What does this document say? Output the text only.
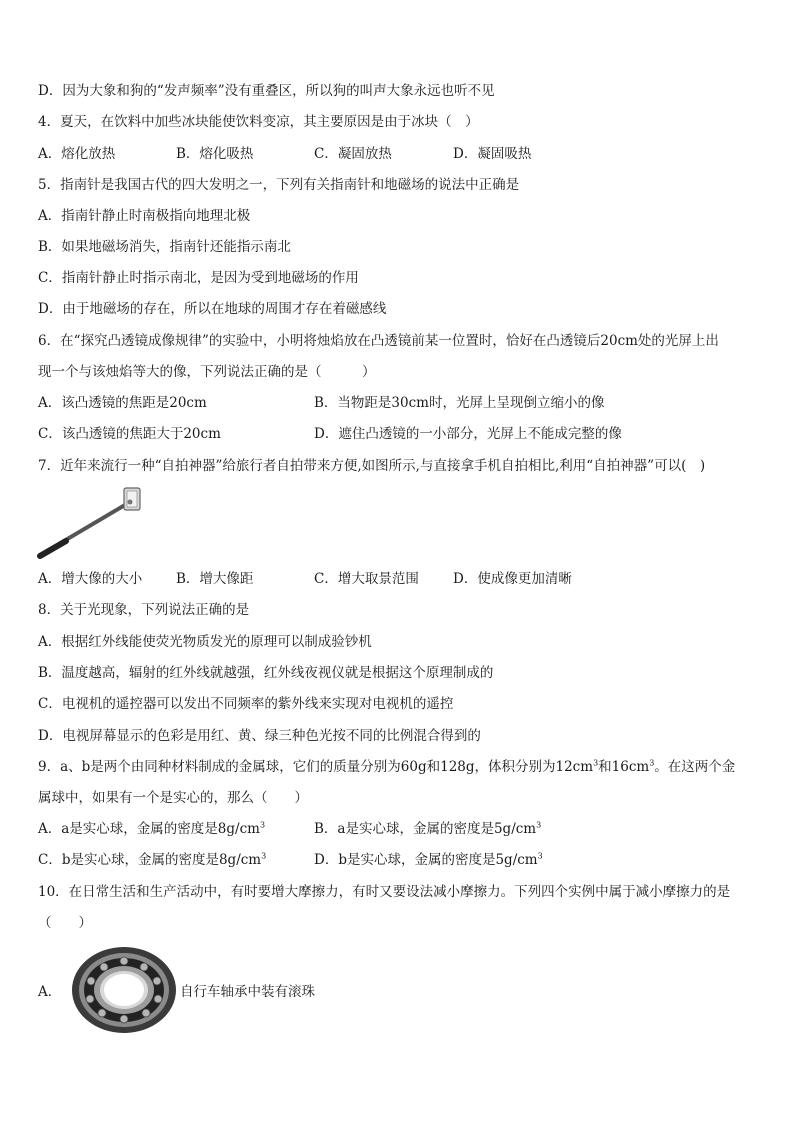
D．因为大象和狗的“发声频率”没有重叠区，所以狗的叫声大象永远也听不见
4．夏天，在饮料中加些冰块能使饮料变凉，其主要原因是由于冰块（　）
A．熔化放热	B．熔化吸热	C．凝固放热	D．凝固吸热
5．指南针是我国古代的四大发明之一，下列有关指南针和地磁场的说法中正确是
A．指南针静止时南极指向地理北极
B．如果地磁场消失，指南针还能指示南北
C．指南针静止时指示南北，是因为受到地磁场的作用
D．由于地磁场的存在，所以在地球的周围才存在着磁感线
6．在“探究凸透镜成像规律”的实验中，小明将烛焰放在凸透镜前某一位置时，恰好在凸透镜后20cm处的光屏上出
现一个与该烛焰等大的像，下列说法正确的是（　　　）
A．该凸透镜的焦距是20cm	B．当物距是30cm时，光屏上呈现倒立缩小的像
C．该凸透镜的焦距大于20cm	D．遮住凸透镜的一小部分，光屏上不能成完整的像
7．近年来流行一种“自拍神器”给旅行者自拍带来方便,如图所示,与直接拿手机自拍相比,利用“自拍神器”可以(　)
A．增大像的大小	B．增大像距	C．增大取景范围	D．使成像更加清晰
8．关于光现象，下列说法正确的是
A．根据红外线能使荧光物质发光的原理可以制成验钞机
B．温度越高，辐射的红外线就越强，红外线夜视仪就是根据这个原理制成的
C．电视机的遥控器可以发出不同频率的紫外线来实现对电视机的遥控
D．电视屏幕显示的色彩是用红、黄、绿三种色光按不同的比例混合得到的
9．a、b是两个由同种材料制成的金属球，它们的质量分别为60g和128g，体积分别为$12cm^3$和$16cm^3$。在这两个金
属球中，如果有一个是实心的，那么（　　）
A．a是实心球，金属的密度是$8g/cm^3$	B．a是实心球，金属的密度是$5g/cm^3$
C．b是实心球，金属的密度是$8g/cm^3$	D．b是实心球，金属的密度是$5g/cm^3$
10．在日常生活和生产活动中，有时要增大摩擦力，有时又要设法减小摩擦力。下列四个实例中属于减小摩擦力的是
（　　）
A．	自行车轴承中装有滚珠
